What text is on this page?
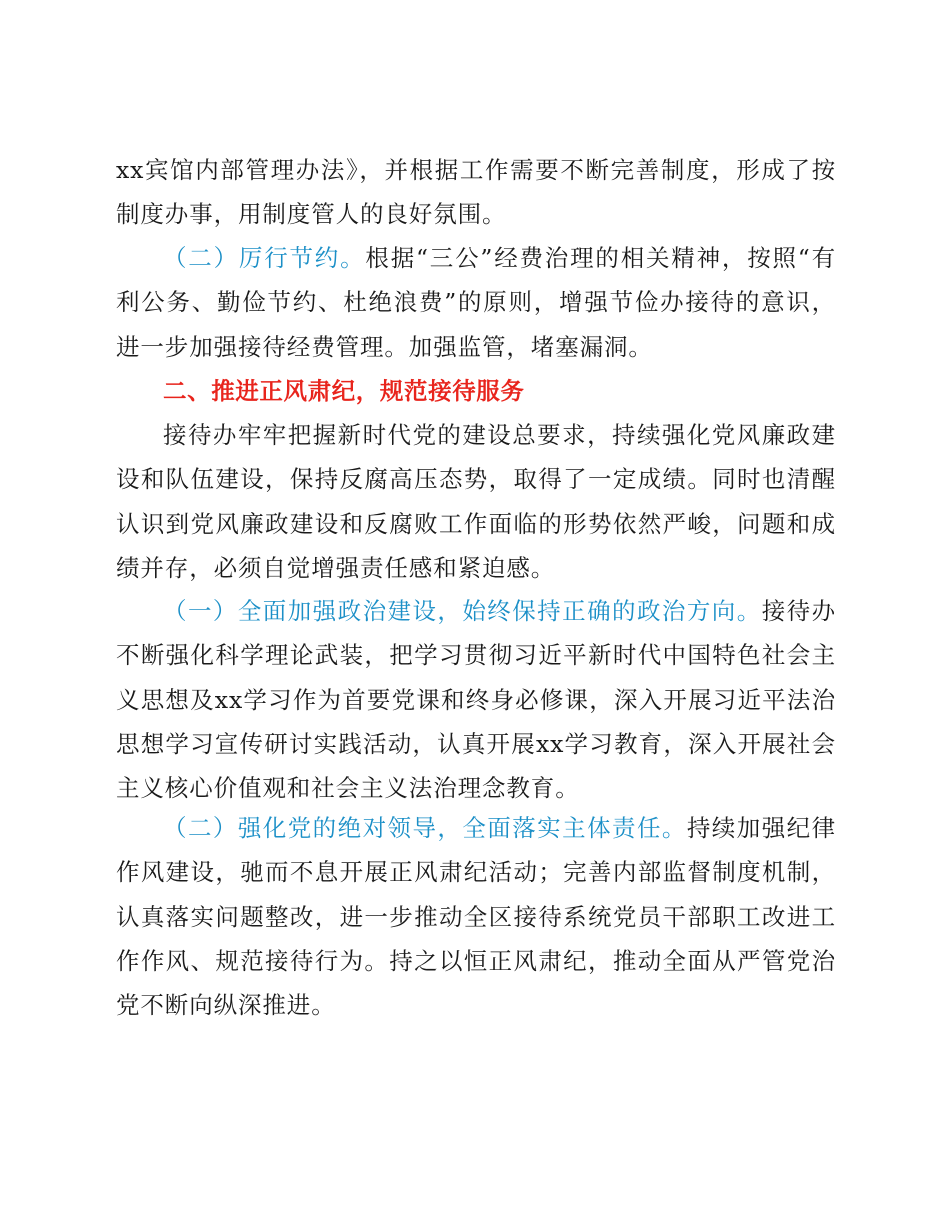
xx宾馆内部管理办法》，并根据工作需要不断完善制度，形成了按制度办事，用制度管人的良好氛围。

（二）厉行节约。根据“三公”经费治理的相关精神，按照“有利公务、勤俭节约、杜绝浪费”的原则，增强节俭办接待的意识，进一步加强接待经费管理。加强监管，堵塞漏洞。

二、推进正风肃纪，规范接待服务

接待办牢牢把握新时代党的建设总要求，持续强化党风廉政建设和队伍建设，保持反腐高压态势，取得了一定成绩。同时也清醒认识到党风廉政建设和反腐败工作面临的形势依然严峻，问题和成绩并存，必须自觉增强责任感和紧迫感。

（一）全面加强政治建设，始终保持正确的政治方向。接待办不断强化科学理论武装，把学习贯彻习近平新时代中国特色社会主义思想及xx学习作为首要党课和终身必修课，深入开展习近平法治思想学习宣传研讨实践活动，认真开展xx学习教育，深入开展社会主义核心价值观和社会主义法治理念教育。

（二）强化党的绝对领导，全面落实主体责任。持续加强纪律作风建设，驰而不息开展正风肃纪活动；完善内部监督制度机制，认真落实问题整改，进一步推动全区接待系统党员干部职工改进工作作风、规范接待行为。持之以恒正风肃纪，推动全面从严管党治党不断向纵深推进。
